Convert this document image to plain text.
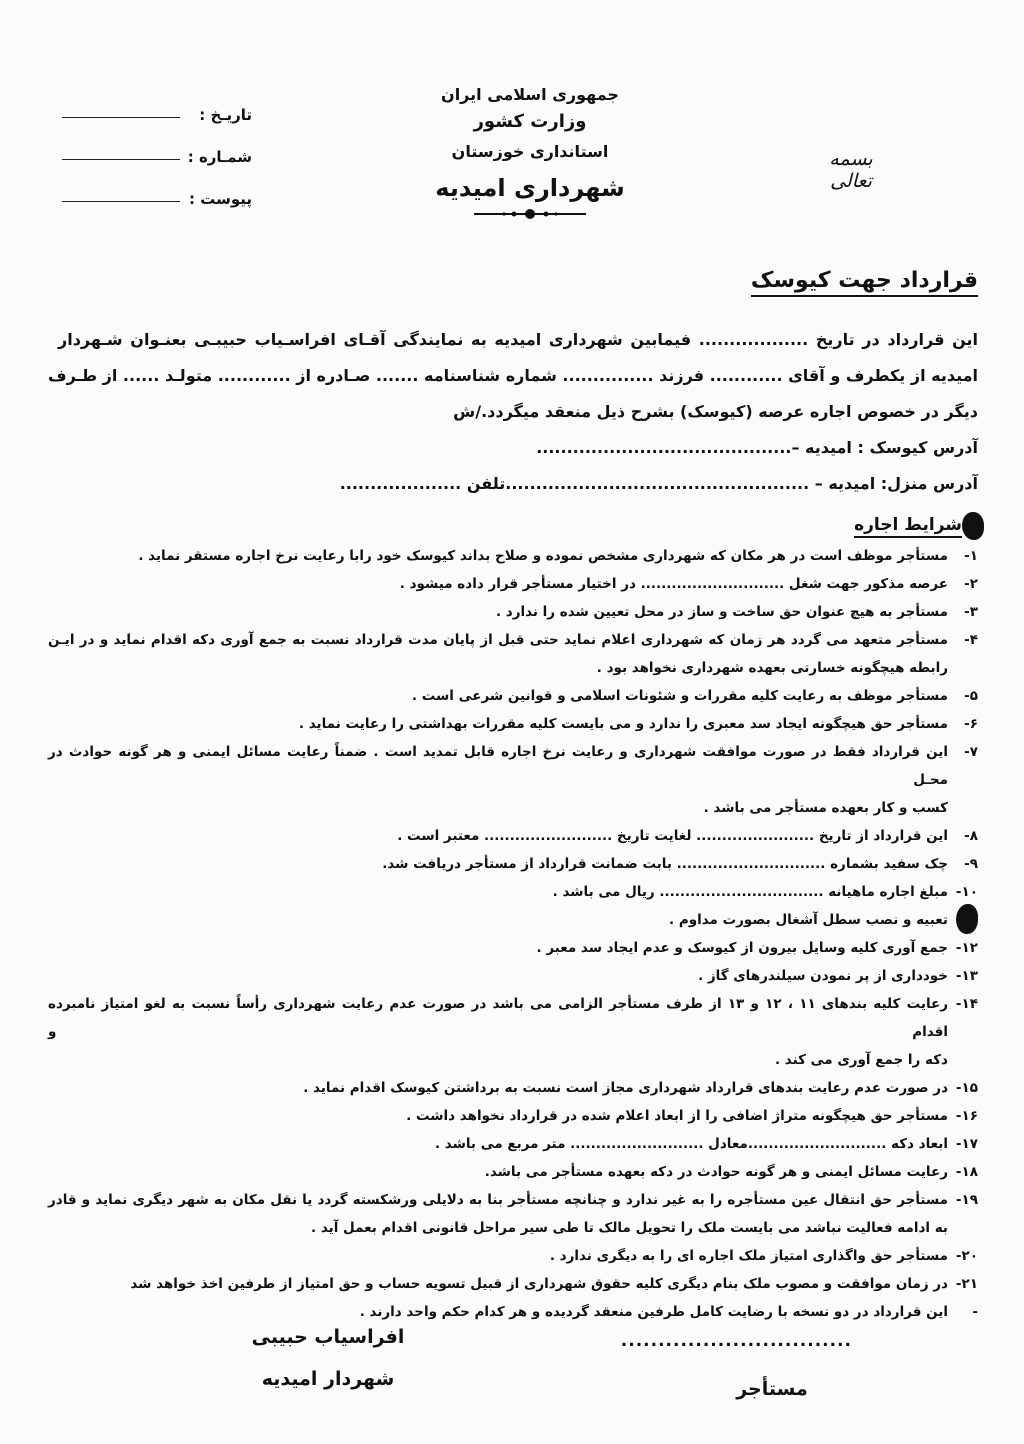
جمهوری اسلامی ایران
وزارت کشور
استانداری خوزستان
شهرداری امیدیه
تاریـخ :
شمـاره :
پیوست :
بسمه تعالی
قرارداد جهت کیوسک
این قرارداد در تاریخ .................. فیمابین شهرداری امیدیه به نمایندگی آقـای افراسـیاب حبیبـی بعنـوان شـهردار
امیدیه از یکطرف و آقای ............ فرزند ............... شماره شناسنامه ....... صـادره از ............ متولـد ...... از طـرف
دیگر در خصوص اجاره عرصه (کیوسک) بشرح ذیل منعقد میگردد./ش
آدرس کیوسک : امیدیه –..........................................
آدرس منزل: امیدیه – ..................................................تلفن ....................
شرایط اجاره
۱-
مستأجر موظف است در هر مکان که شهرداری مشخص نموده و صلاح بداند کیوسک خود رابا رعایت نرخ اجاره مستقر نماید .
۲-
عرصه مذکور جهت شغل ............................ در اختیار مستأجر قرار داده میشود .
۳-
مستأجر به هیچ عنوان حق ساخت و ساز در محل تعیین شده را ندارد .
۴-
مستأجر متعهد می گردد هر زمان که شهرداری اعلام نماید حتی قبل از پایان مدت قرارداد نسبت به جمع آوری دکه اقدام نماید و در ایـن
رابطه هیچگونه خسارتی بعهده شهرداری نخواهد بود .
۵-
مستأجر موظف به رعایت کلیه مقررات و شئونات اسلامی و قوانین شرعی است .
۶-
مستأجر حق هیچگونه ایجاد سد معبری را ندارد و می بایست کلیه مقررات بهداشتی را رعایت نماید .
۷-
این قرارداد فقط در صورت موافقت شهرداری و رعایت نرخ اجاره قابل تمدید است . ضمناً رعایت مسائل ایمنی و هر گونه حوادث در محـل
کسب و کار بعهده مستأجر می باشد .
۸-
این قرارداد از تاریخ ....................... لغایت تاریخ ......................... معتبر است .
۹-
چک سفید بشماره ............................. بابت ضمانت قرارداد از مستأجر دریافت شد.
۱۰-
مبلغ اجاره ماهیانه ................................ ریال می باشد .
تعبیه و نصب سطل آشغال بصورت مداوم .
۱۲-
جمع آوری کلیه وسایل بیرون از کیوسک و عدم ایجاد سد معبر .
۱۳-
خودداری از پر نمودن سیلندرهای گاز .
۱۴-
رعایت کلیه بندهای ۱۱ ، ۱۲ و ۱۳ از طرف مستأجر الزامی می باشد در صورت عدم رعایت شهرداری رأساً نسبت به لغو امتیاز نامبرده اقدام و
دکه را جمع آوری می کند .
۱۵-
در صورت عدم رعایت بندهای قرارداد شهرداری مجاز است نسبت به برداشتن کیوسک اقدام نماید .
۱۶-
مستأجر حق هیچگونه متراژ اضافی را از ابعاد اعلام شده در قرارداد نخواهد داشت .
۱۷-
ابعاد دکه ...........................معادل .......................... متر مربع می باشد .
۱۸-
رعایت مسائل ایمنی و هر گونه حوادث در دکه بعهده مستأجر می باشد.
۱۹-
مستأجر حق انتقال عین مستأجره را به غیر ندارد و چنانچه مستأجر بنا به دلایلی ورشکسته گردد یا نقل مکان به شهر دیگری نماید و قادر
به ادامه فعالیت نباشد می بایست ملک را تحویل مالک تا طی سیر مراحل قانونی اقدام بعمل آید .
۲۰-
مستأجر حق واگذاری امتیاز ملک اجاره ای را به دیگری ندارد .
۲۱-
در زمان موافقت و مصوب ملک بنام دیگری کلیه حقوق شهرداری از قبیل تسویه حساب و حق امتیاز از طرفین اخذ خواهد شد
-
این قرارداد در دو نسخه با رضایت کامل طرفین منعقد گردیده و هر کدام حکم واحد دارند .
افراسیاب حبیبی
شهردار امیدیه
...............................
مستأجر
